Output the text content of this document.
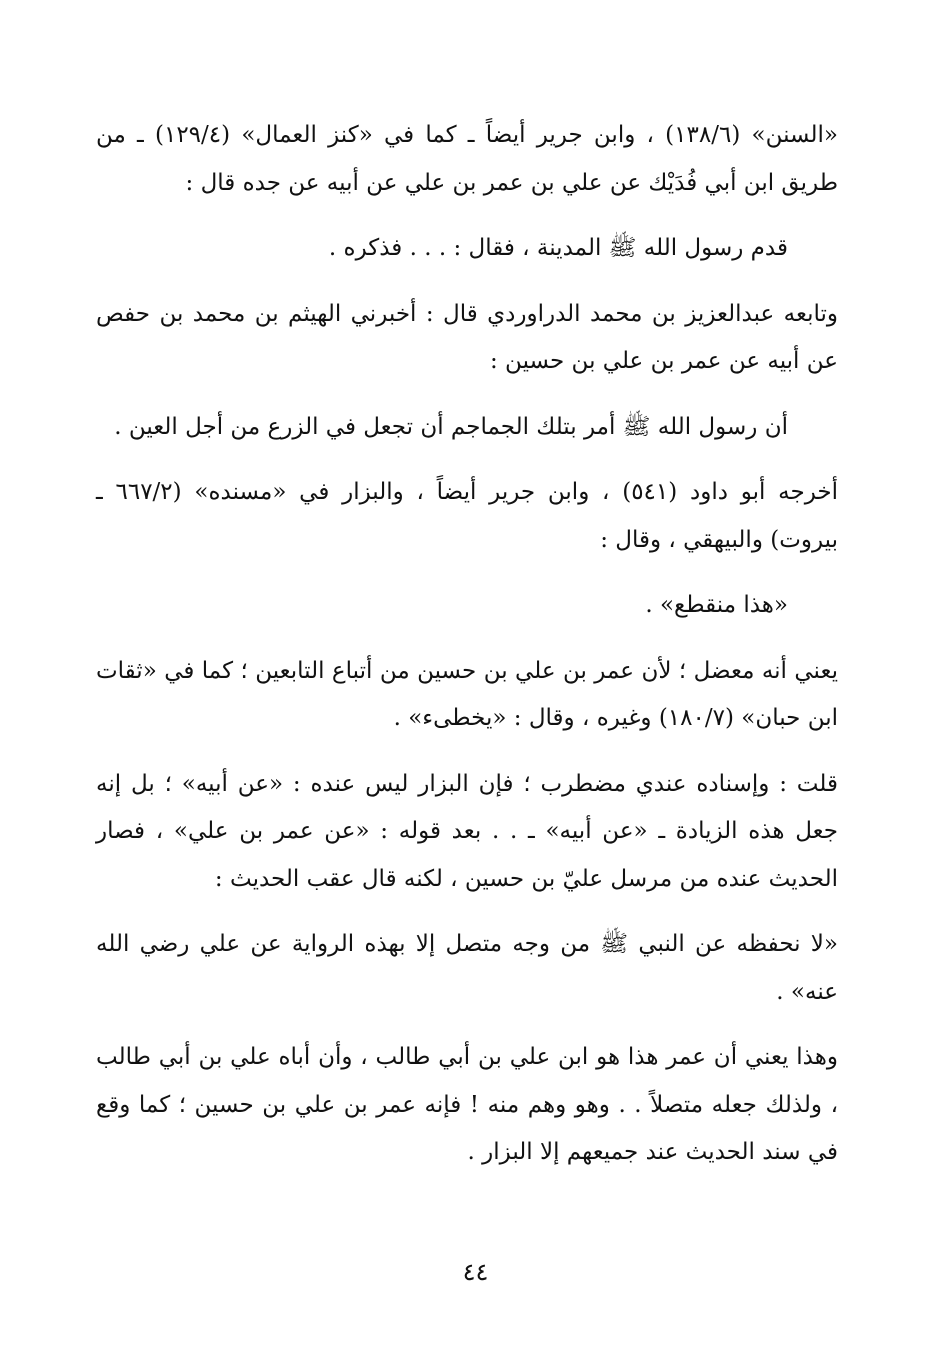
«السنن» (١٣٨/٦) ، وابن جرير أيضاً ـ كما في «كنز العمال» (١٢٩/٤) ـ من طريق ابن أبي فُدَيْك عن علي بن عمر بن علي عن أبيه عن جده قال :

قدم رسول الله ﷺ المدينة ، فقال : . . . فذكره .

وتابعه عبدالعزيز بن محمد الدراوردي قال : أخبرني الهيثم بن محمد بن حفص عن أبيه عن عمر بن علي بن حسين :

أن رسول الله ﷺ أمر بتلك الجماجم أن تجعل في الزرع من أجل العين .

أخرجه أبو داود (٥٤١) ، وابن جرير أيضاً ، والبزار في «مسنده» (٦٦٧/٢ ـ بيروت) والبيهقي ، وقال :

«هذا منقطع» .

يعني أنه معضل ؛ لأن عمر بن علي بن حسين من أتباع التابعين ؛ كما في «ثقات ابن حبان» (١٨٠/٧) وغيره ، وقال : «يخطىء» .

قلت : وإسناده عندي مضطرب ؛ فإن البزار ليس عنده : «عن أبيه» ؛ بل إنه جعل هذه الزيادة ـ «عن أبيه» ـ . . بعد قوله : «عن عمر بن علي» ، فصار الحديث عنده من مرسل عليّ بن حسين ، لكنه قال عقب الحديث :

«لا نحفظه عن النبي ﷺ من وجه متصل إلا بهذه الرواية عن علي رضي الله عنه» .

وهذا يعني أن عمر هذا هو ابن علي بن أبي طالب ، وأن أباه علي بن أبي طالب ، ولذلك جعله متصلاً . . وهو وهم منه ! فإنه عمر بن علي بن حسين ؛ كما وقع في سند الحديث عند جميعهم إلا البزار .

٤٤
